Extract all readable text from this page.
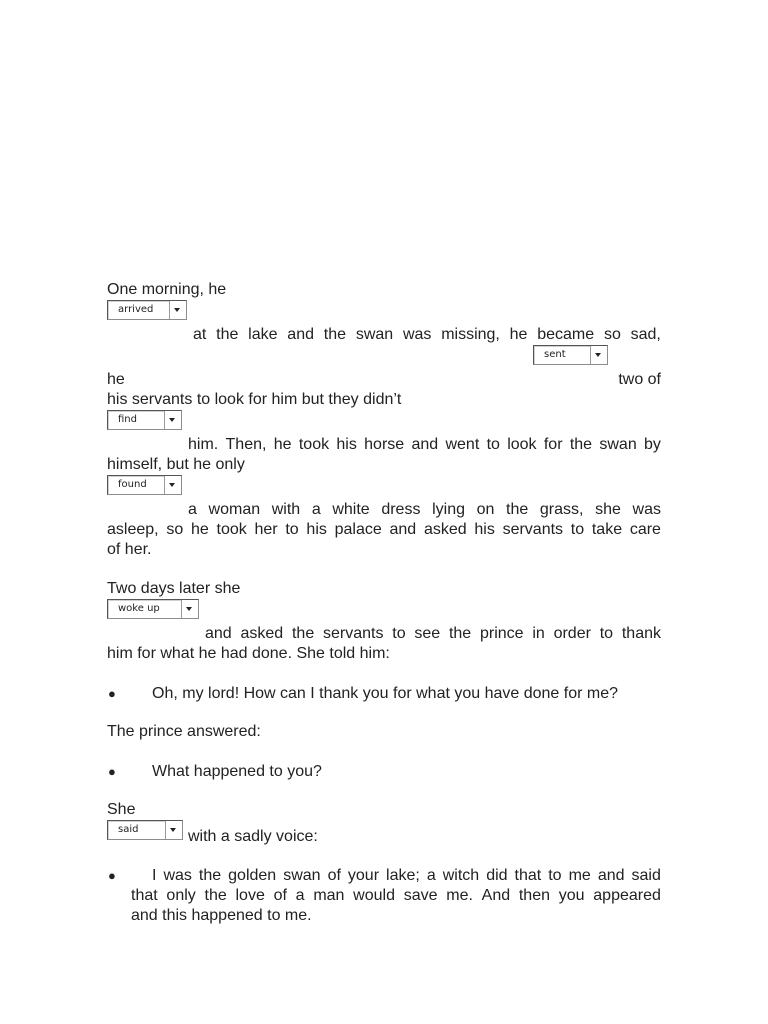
One morning, he
arrived
at the lake and the swan was missing, he became so sad,
sent
he	two of
his servants to look for him but they didn’t
find
him. Then, he took his horse and went to look for the swan by
himself, but he only
found
a woman with a white dress lying on the grass, she was
asleep, so he took her to his palace and asked his servants to take care
of her.
Two days later she
woke up
and asked the servants to see the prince in order to thank
him for what he had done. She told him:
● Oh, my lord! How can I thank you for what you have done for me?
The prince answered:
● What happened to you?
She
said	with a sadly voice:
● I was the golden swan of your lake; a witch did that to me and said
that only the love of a man would save me. And then you appeared
and this happened to me.
